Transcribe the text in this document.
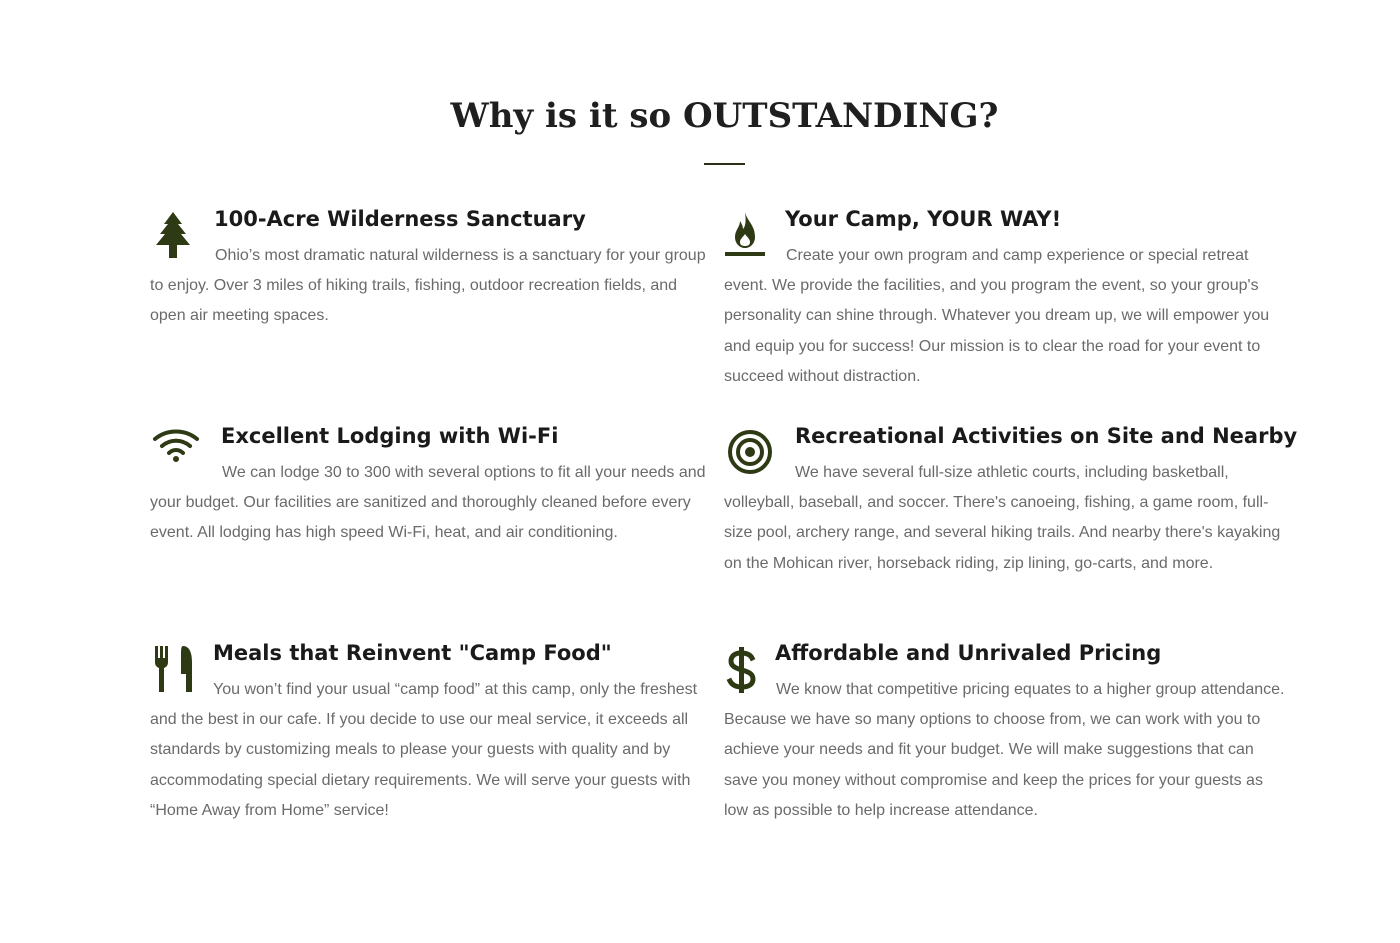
Why is it so OUTSTANDING?
100-Acre Wilderness Sanctuary

Ohio’s most dramatic natural wilderness is a sanctuary for your group to enjoy. Over 3 miles of hiking trails, fishing, outdoor recreation fields, and open air meeting spaces.

Your Camp, YOUR WAY!

Create your own program and camp experience or special retreat event. We provide the facilities, and you program the event, so your group's personality can shine through. Whatever you dream up, we will empower you and equip you for success! Our mission is to clear the road for your event to succeed without distraction.

Excellent Lodging with Wi-Fi

We can lodge 30 to 300 with several options to fit all your needs and your budget. Our facilities are sanitized and thoroughly cleaned before every event. All lodging has high speed Wi-Fi, heat, and air conditioning.

Recreational Activities on Site and Nearby

We have several full-size athletic courts, including basketball, volleyball, baseball, and soccer. There's canoeing, fishing, a game room, full-size pool, archery range, and several hiking trails. And nearby there's kayaking on the Mohican river, horseback riding, zip lining, go-carts, and more.

Meals that Reinvent "Camp Food"

You won’t find your usual “camp food” at this camp, only the freshest and the best in our cafe. If you decide to use our meal service, it exceeds all standards by customizing meals to please your guests with quality and by accommodating special dietary requirements. We will serve your guests with “Home Away from Home” service!

Affordable and Unrivaled Pricing

We know that competitive pricing equates to a higher group attendance. Because we have so many options to choose from, we can work with you to achieve your needs and fit your budget. We will make suggestions that can save you money without compromise and keep the prices for your guests as low as possible to help increase attendance.
